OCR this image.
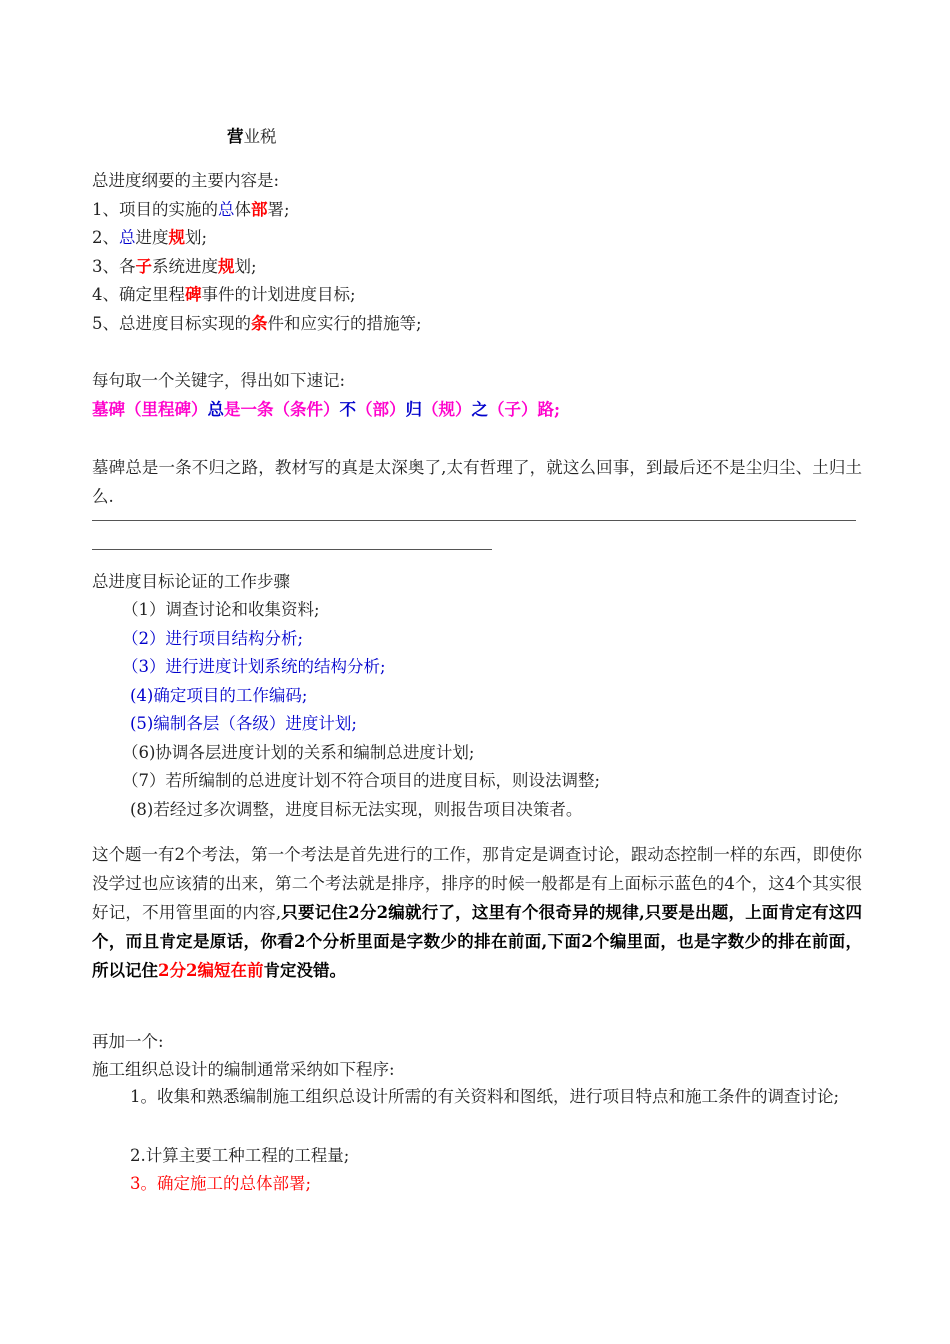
营业税
总进度纲要的主要内容是:
1、项目的实施的总体部署;
2、总进度规划;
3、各子系统进度规划;
4、确定里程碑事件的计划进度目标;
5、总进度目标实现的条件和应实行的措施等;
每句取一个关键字，得出如下速记:
墓碑（里程碑）总是一条（条件）不（部）归（规）之（子）路;
墓碑总是一条不归之路，教材写的真是太深奥了,太有哲理了，就这么回事，到最后还不是尘归尘、土归土么.
总进度目标论证的工作步骤
（1）调查讨论和收集资料;
（2）进行项目结构分析;
（3）进行进度计划系统的结构分析;
(4)确定项目的工作编码;
(5)编制各层（各级）进度计划;
（6)协调各层进度计划的关系和编制总进度计划;
（7）若所编制的总进度计划不符合项目的进度目标，则设法调整;
(8)若经过多次调整，进度目标无法实现，则报告项目决策者。
这个题一有2个考法，第一个考法是首先进行的工作，那肯定是调查讨论，跟动态控制一样的东西，即使你没学过也应该猜的出来，第二个考法就是排序，排序的时候一般都是有上面标示蓝色的4个，这4个其实很好记，不用管里面的内容,只要记住2分2编就行了，这里有个很奇异的规律,只要是出题，上面肯定有这四个，而且肯定是原话，你看2个分析里面是字数少的排在前面,下面2个编里面，也是字数少的排在前面，所以记住2分2编短在前肯定没错。
再加一个:
施工组织总设计的编制通常采纳如下程序:
1。收集和熟悉编制施工组织总设计所需的有关资料和图纸，进行项目特点和施工条件的调查讨论;
2.计算主要工种工程的工程量;
3。确定施工的总体部署;
